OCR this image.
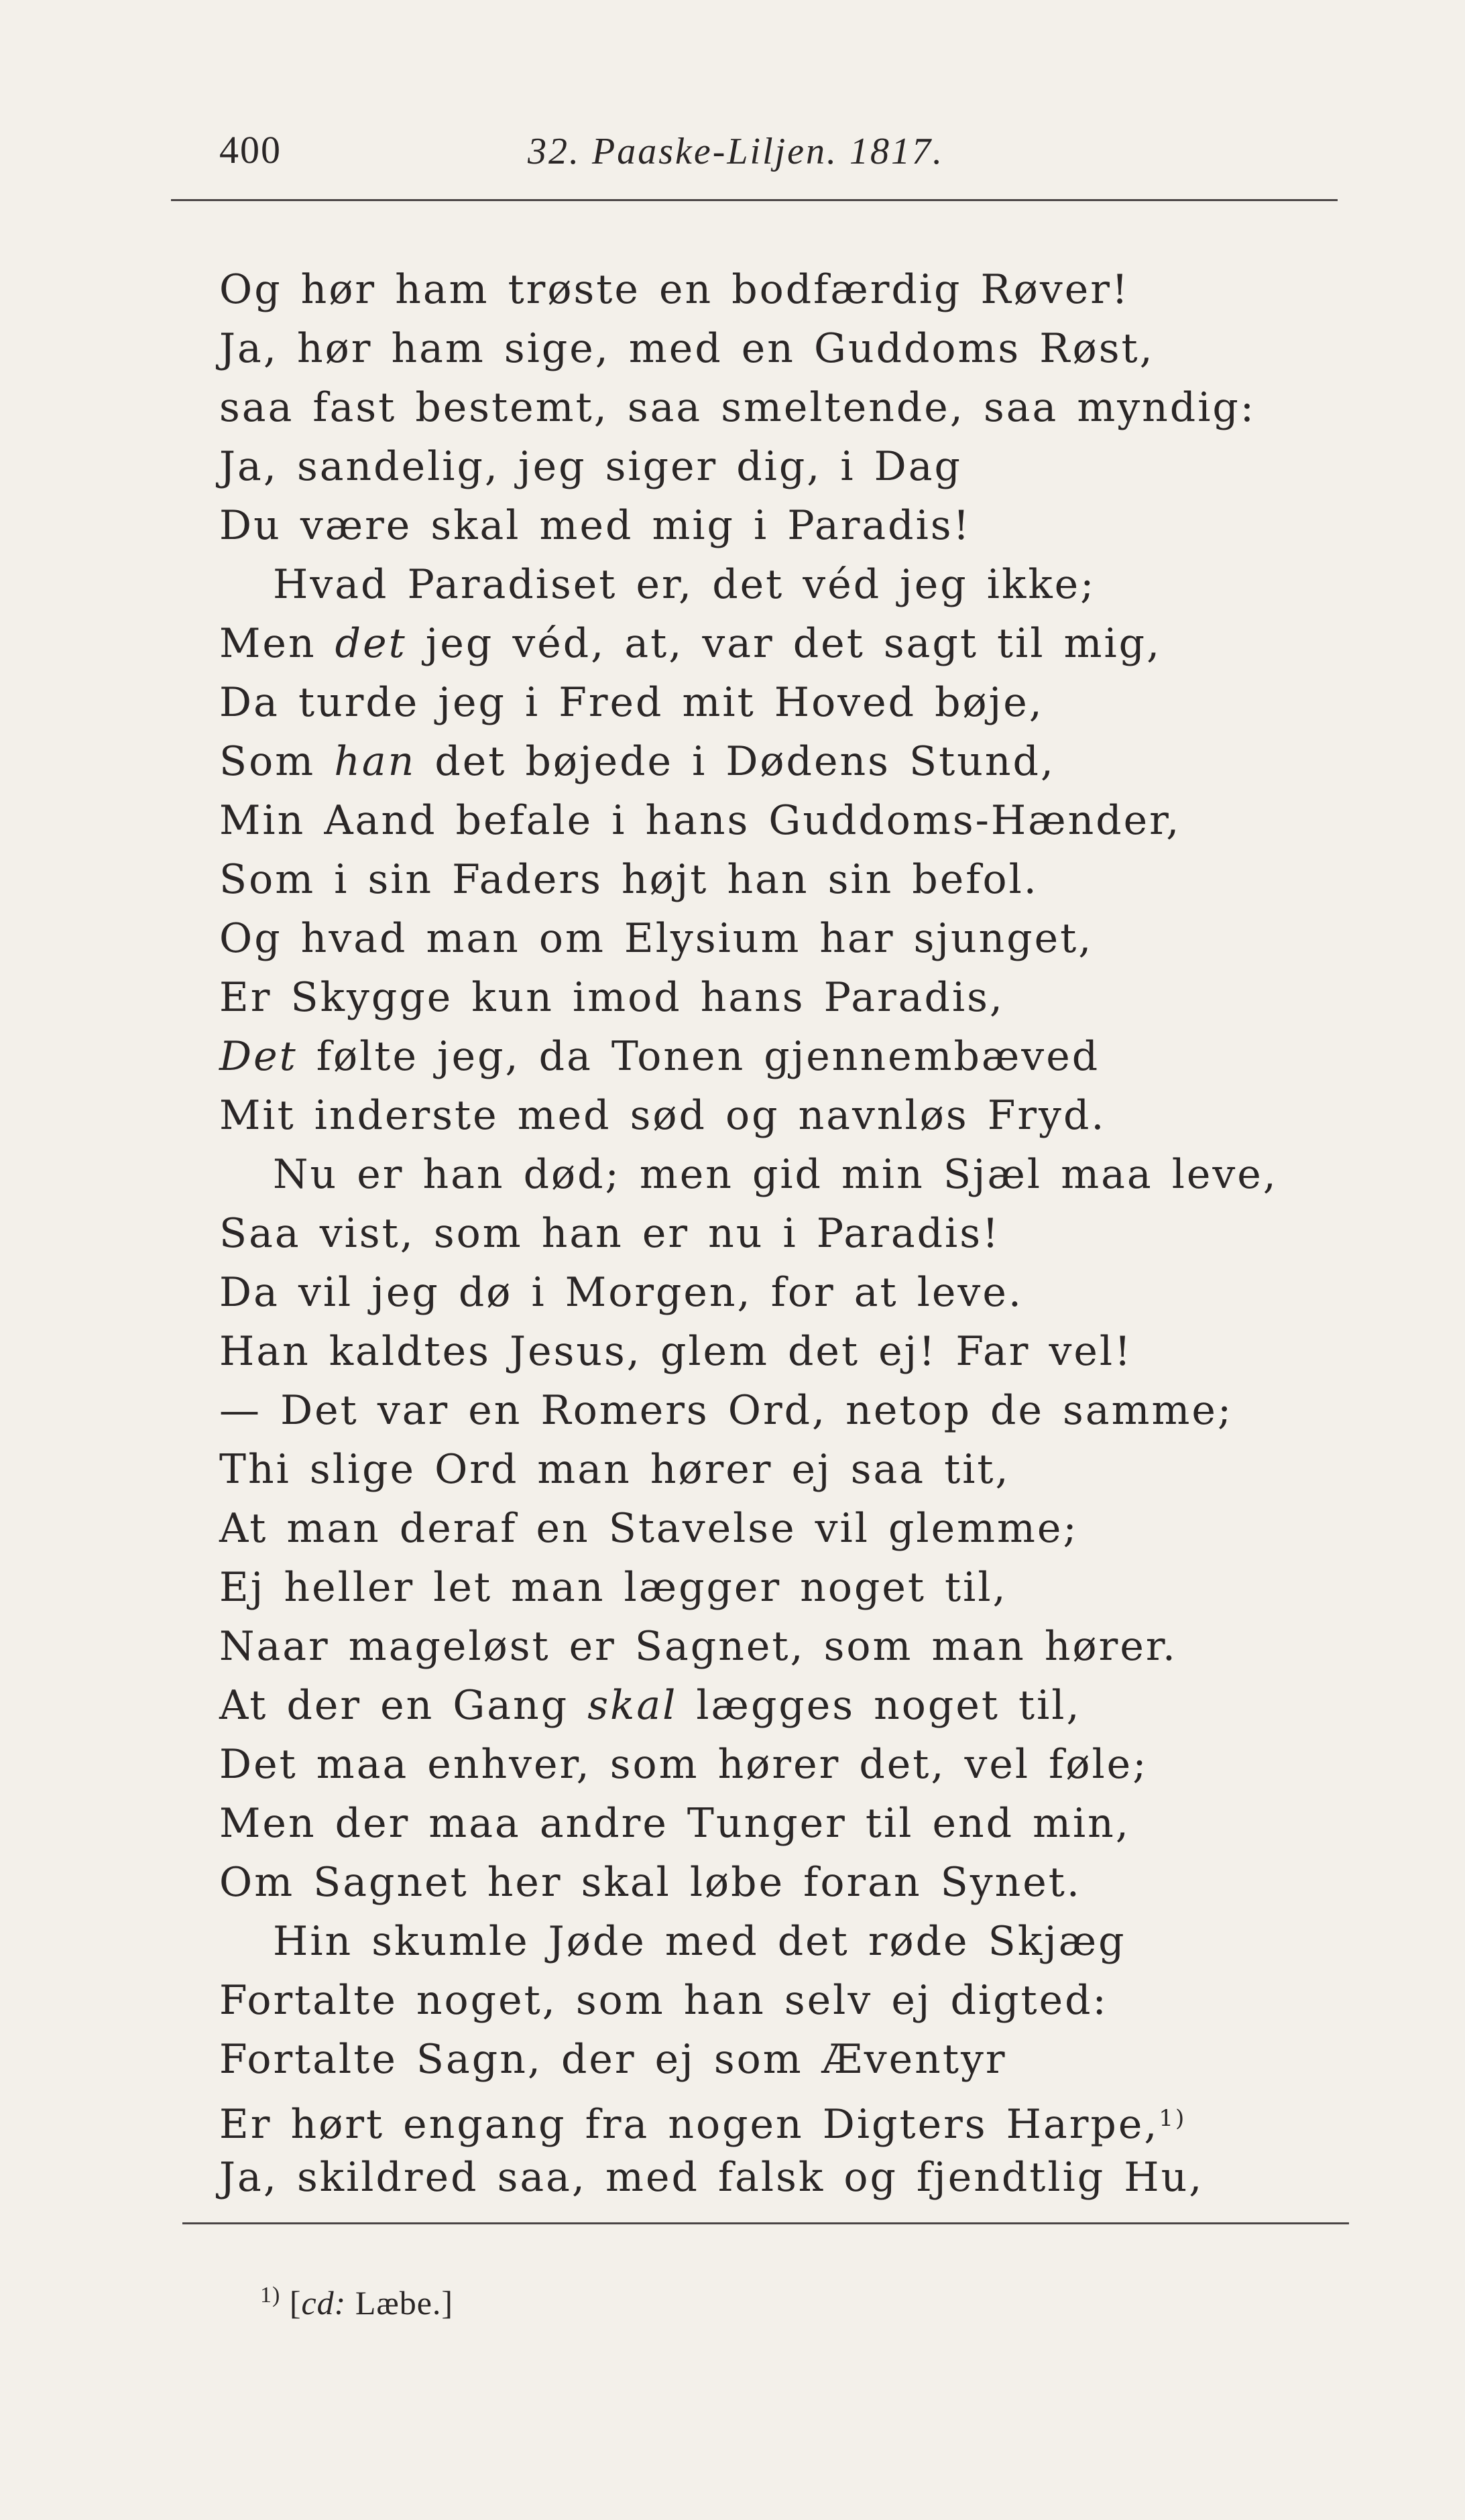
400	32. Paaske-Liljen. 1817.
Og hør ham trøste en bodfærdig Røver!
Ja, hør ham sige, med en Guddoms Røst,
saa fast bestemt, saa smeltende, saa myndig:
Ja, sandelig, jeg siger dig, i Dag
Du være skal med mig i Paradis!
Hvad Paradiset er, det véd jeg ikke;
Men det jeg véd, at, var det sagt til mig,
Da turde jeg i Fred mit Hoved bøje,
Som han det bøjede i Dødens Stund,
Min Aand befale i hans Guddoms-Hænder,
Som i sin Faders højt han sin befol.
Og hvad man om Elysium har sjunget,
Er Skygge kun imod hans Paradis,
Det følte jeg, da Tonen gjennembæved
Mit inderste med sød og navnløs Fryd.
Nu er han død; men gid min Sjæl maa leve,
Saa vist, som han er nu i Paradis!
Da vil jeg dø i Morgen, for at leve.
Han kaldtes Jesus, glem det ej! Far vel!
— Det var en Romers Ord, netop de samme;
Thi slige Ord man hører ej saa tit,
At man deraf en Stavelse vil glemme;
Ej heller let man lægger noget til,
Naar mageløst er Sagnet, som man hører.
At der en Gang skal lægges noget til,
Det maa enhver, som hører det, vel føle;
Men der maa andre Tunger til end min,
Om Sagnet her skal løbe foran Synet.
Hin skumle Jøde med det røde Skjæg
Fortalte noget, som han selv ej digted:
Fortalte Sagn, der ej som Æventyr
Er hørt engang fra nogen Digters Harpe,$^{1)}$
Ja, skildred saa, med falsk og fjendtlig Hu,
$^{1)}$ [cd: Læbe.]
